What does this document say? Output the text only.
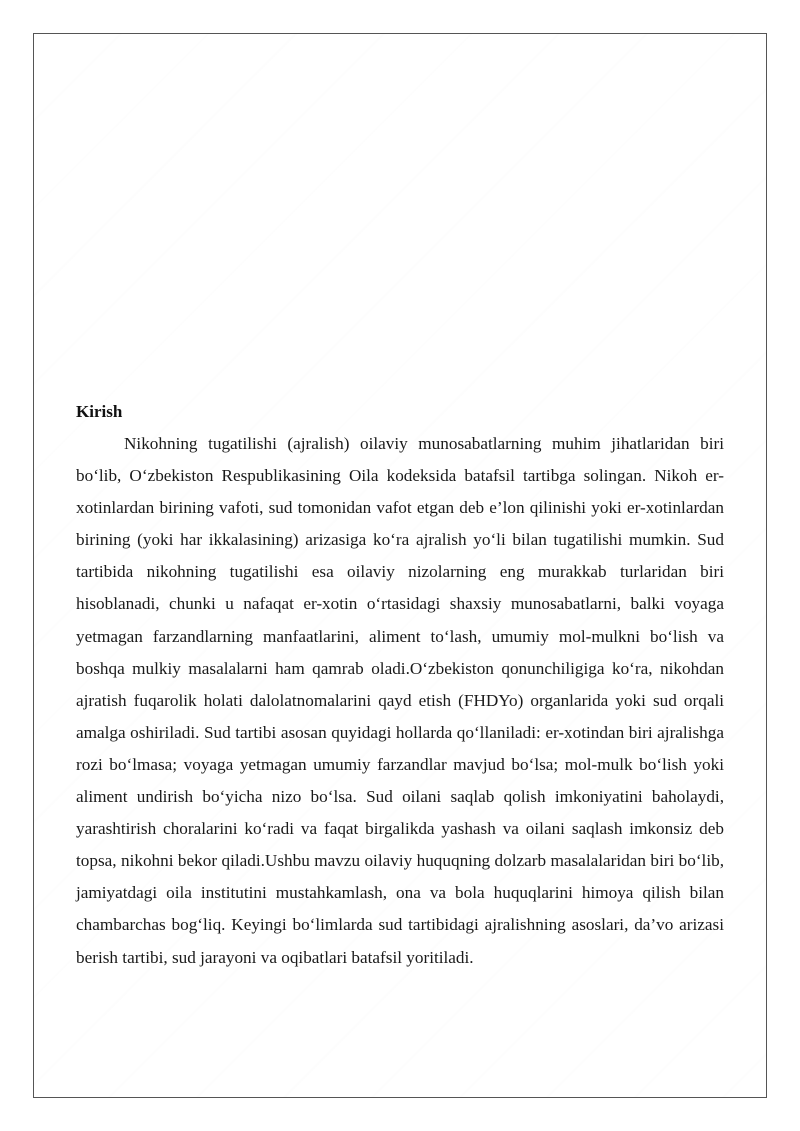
Kirish

Nikohning tugatilishi (ajralish) oilaviy munosabatlarning muhim jihatlaridan biri bo‘lib, O‘zbekiston Respublikasining Oila kodeksida batafsil tartibga solingan. Nikoh er-xotinlardan birining vafoti, sud tomonidan vafot etgan deb e’lon qilinishi yoki er-xotinlardan birining (yoki har ikkalasining) arizasiga ko‘ra ajralish yo‘li bilan tugatilishi mumkin. Sud tartibida nikohning tugatilishi esa oilaviy nizolarning eng murakkab turlaridan biri hisoblanadi, chunki u nafaqat er-xotin o‘rtasidagi shaxsiy munosabatlarni, balki voyaga yetmagan farzandlarning manfaatlarini, aliment to‘lash, umumiy mol-mulkni bo‘lish va boshqa mulkiy masalalarni ham qamrab oladi.O‘zbekiston qonunchiligiga ko‘ra, nikohdan ajratish fuqarolik holati dalolatnomalarini qayd etish (FHDYo) organlarida yoki sud orqali amalga oshiriladi. Sud tartibi asosan quyidagi hollarda qo‘llaniladi: er-xotindan biri ajralishga rozi bo‘lmasa; voyaga yetmagan umumiy farzandlar mavjud bo‘lsa; mol-mulk bo‘lish yoki aliment undirish bo‘yicha nizo bo‘lsa. Sud oilani saqlab qolish imkoniyatini baholaydi, yarashtirish choralarini ko‘radi va faqat birgalikda yashash va oilani saqlash imkonsiz deb topsa, nikohni bekor qiladi.Ushbu mavzu oilaviy huquqning dolzarb masalalaridan biri bo‘lib, jamiyatdagi oila institutini mustahkamlash, ona va bola huquqlarini himoya qilish bilan chambarchas bog‘liq. Keyingi bo‘limlarda sud tartibidagi ajralishning asoslari, da’vo arizasi berish tartibi, sud jarayoni va oqibatlari batafsil yoritiladi.
